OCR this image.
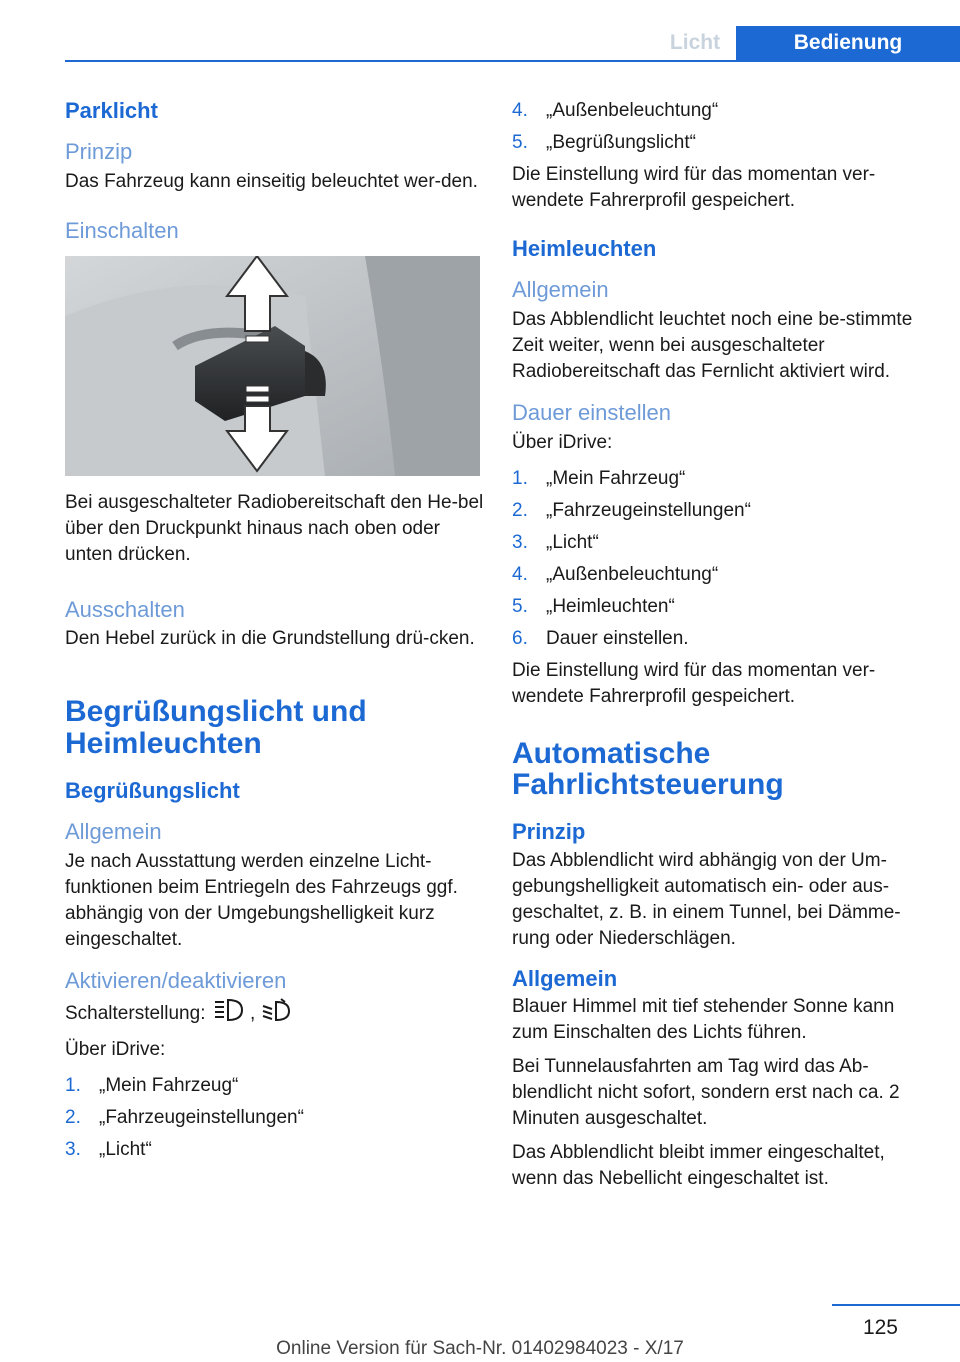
Licht	Bedienung
Parklicht
Prinzip
Das Fahrzeug kann einseitig beleuchtet wer-den.
Einschalten
Bei ausgeschalteter Radiobereitschaft den He-bel über den Druckpunkt hinaus nach oben oder unten drücken.
Ausschalten
Den Hebel zurück in die Grundstellung drü-cken.
Begrüßungslicht und Heimleuchten
Begrüßungslicht
Allgemein
Je nach Ausstattung werden einzelne Licht-funktionen beim Entriegeln des Fahrzeugs ggf. abhängig von der Umgebungshelligkeit kurz eingeschaltet.
Aktivieren/deaktivieren
Schalterstellung: ,
Über iDrive:
1. „Mein Fahrzeug“
2. „Fahrzeugeinstellungen“
3. „Licht“
4. „Außenbeleuchtung“
5. „Begrüßungslicht“
Die Einstellung wird für das momentan ver-wendete Fahrerprofil gespeichert.
Heimleuchten
Allgemein
Das Abblendlicht leuchtet noch eine be-stimmte Zeit weiter, wenn bei ausgeschalteter Radiobereitschaft das Fernlicht aktiviert wird.
Dauer einstellen
Über iDrive:
1. „Mein Fahrzeug“
2. „Fahrzeugeinstellungen“
3. „Licht“
4. „Außenbeleuchtung“
5. „Heimleuchten“
6. Dauer einstellen.
Die Einstellung wird für das momentan ver-wendete Fahrerprofil gespeichert.
Automatische Fahrlichtsteuerung
Prinzip
Das Abblendlicht wird abhängig von der Um-gebungshelligkeit automatisch ein- oder aus-geschaltet, z. B. in einem Tunnel, bei Dämme-rung oder Niederschlägen.
Allgemein
Blauer Himmel mit tief stehender Sonne kann zum Einschalten des Lichts führen.
Bei Tunnelausfahrten am Tag wird das Ab-blendlicht nicht sofort, sondern erst nach ca. 2 Minuten ausgeschaltet.
Das Abblendlicht bleibt immer eingeschaltet, wenn das Nebellicht eingeschaltet ist.
125
Online Version für Sach-Nr. 01402984023 - X/17
